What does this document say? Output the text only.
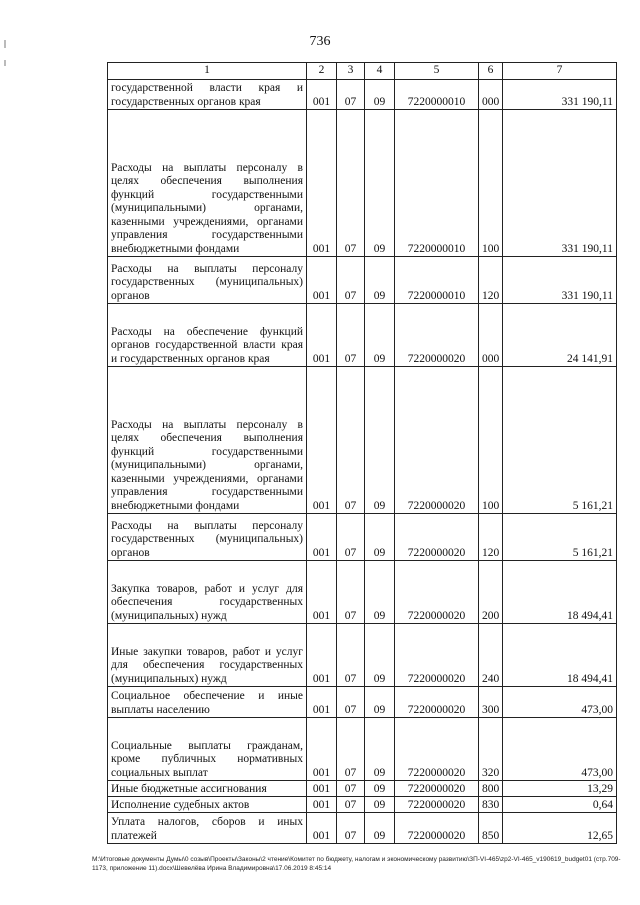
736
1	2	3	4	5	6	7
государственной власти края и государственных органов края	001	07	09	7220000010	000	331 190,11
Расходы на выплаты персоналу в целях обеспечения выполнения функций государственными (муниципальными) органами, казенными учреждениями, органами управления государственными внебюджетными фондами	001	07	09	7220000010	100	331 190,11
Расходы на выплаты персоналу государственных (муниципальных) органов	001	07	09	7220000010	120	331 190,11
Расходы на обеспечение функций органов государственной власти края и государственных органов края	001	07	09	7220000020	000	24 141,91
Расходы на выплаты персоналу в целях обеспечения выполнения функций государственными (муниципальными) органами, казенными учреждениями, органами управления государственными внебюджетными фондами	001	07	09	7220000020	100	5 161,21
Расходы на выплаты персоналу государственных (муниципальных) органов	001	07	09	7220000020	120	5 161,21
Закупка товаров, работ и услуг для обеспечения государственных (муниципальных) нужд	001	07	09	7220000020	200	18 494,41
Иные закупки товаров, работ и услуг для обеспечения государственных (муниципальных) нужд	001	07	09	7220000020	240	18 494,41
Социальное обеспечение и иные выплаты населению	001	07	09	7220000020	300	473,00
Социальные выплаты гражданам, кроме публичных нормативных социальных выплат	001	07	09	7220000020	320	473,00
Иные бюджетные ассигнования	001	07	09	7220000020	800	13,29
Исполнение судебных актов	001	07	09	7220000020	830	0,64
Уплата налогов, сборов и иных платежей	001	07	09	7220000020	850	12,65
M:\Итоговые документы Думы\0 созыв\Проекты\Законы\2 чтение\Комитет по бюджету, налогам и экономическому развитию\ЗП-VI-465\zp2-VI-465_v190619_budget01 (стр.709-1173, приложение 11).docx\Шевелёва Ирина Владимировна\17.06.2019 8:45:14
